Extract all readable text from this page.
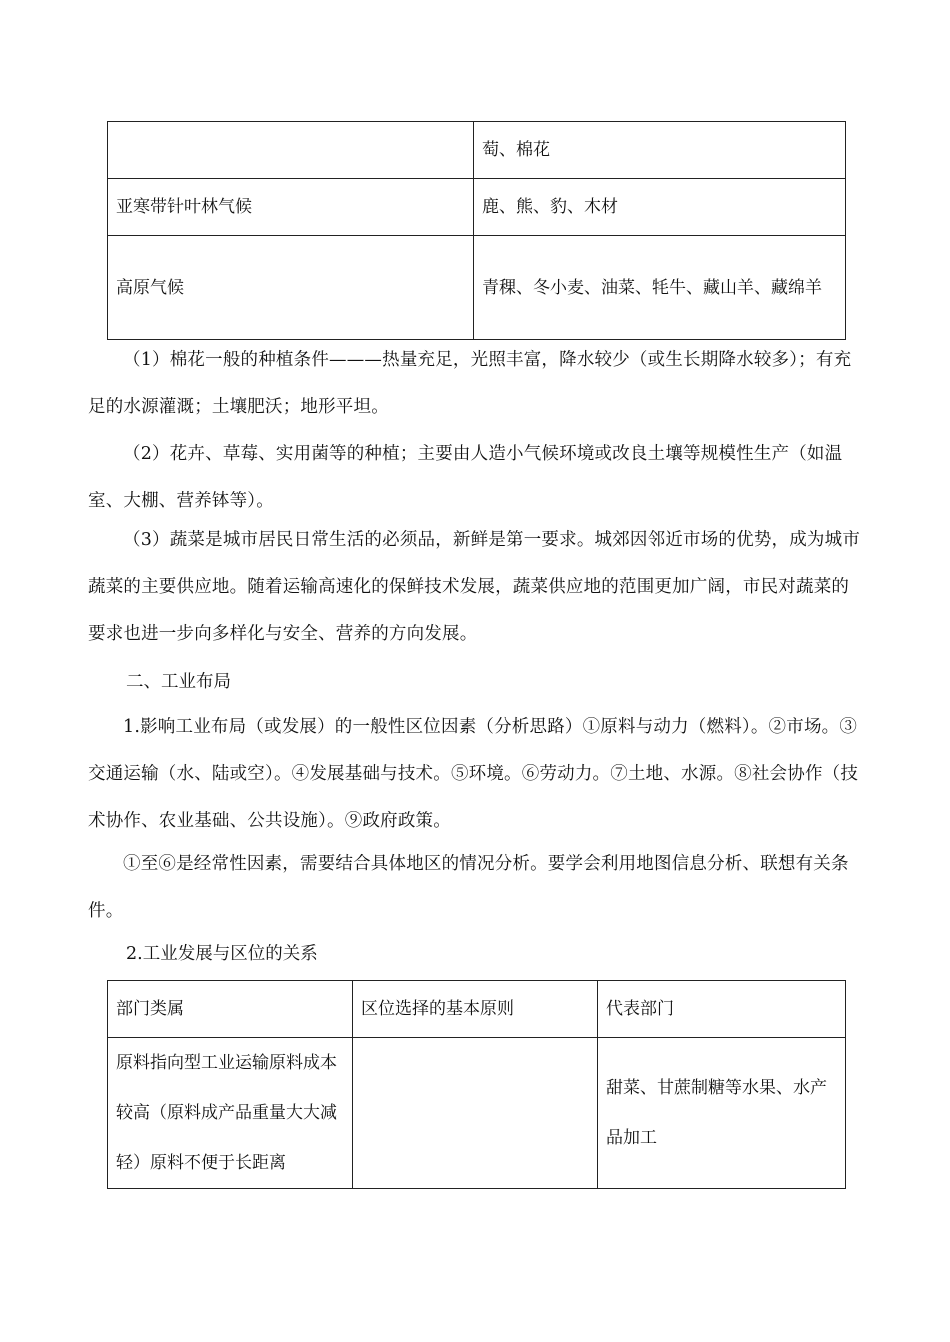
	萄、棉花
亚寒带针叶林气候	鹿、熊、豹、木材
高原气候	青稞、冬小麦、油菜、牦牛、藏山羊、藏绵羊

（1）棉花一般的种植条件———热量充足，光照丰富，降水较少（或生长期降水较多）；有充足的水源灌溉；土壤肥沃；地形平坦。

（2）花卉、草莓、实用菌等的种植；主要由人造小气候环境或改良土壤等规模性生产（如温室、大棚、营养钵等）。

（3）蔬菜是城市居民日常生活的必须品，新鲜是第一要求。城郊因邻近市场的优势，成为城市蔬菜的主要供应地。随着运输高速化的保鲜技术发展，蔬菜供应地的范围更加广阔，市民对蔬菜的要求也进一步向多样化与安全、营养的方向发展。

二、工业布局

1.影响工业布局（或发展）的一般性区位因素（分析思路）①原料与动力（燃料）。②市场。③交通运输（水、陆或空）。④发展基础与技术。⑤环境。⑥劳动力。⑦土地、水源。⑧社会协作（技术协作、农业基础、公共设施）。⑨政府政策。

①至⑥是经常性因素，需要结合具体地区的情况分析。要学会利用地图信息分析、联想有关条件。

2.工业发展与区位的关系

部门类属	区位选择的基本原则	代表部门
原料指向型工业运输原料成本较高（原料成产品重量大大减轻）原料不便于长距离		甜菜、甘蔗制糖等水果、水产品加工
